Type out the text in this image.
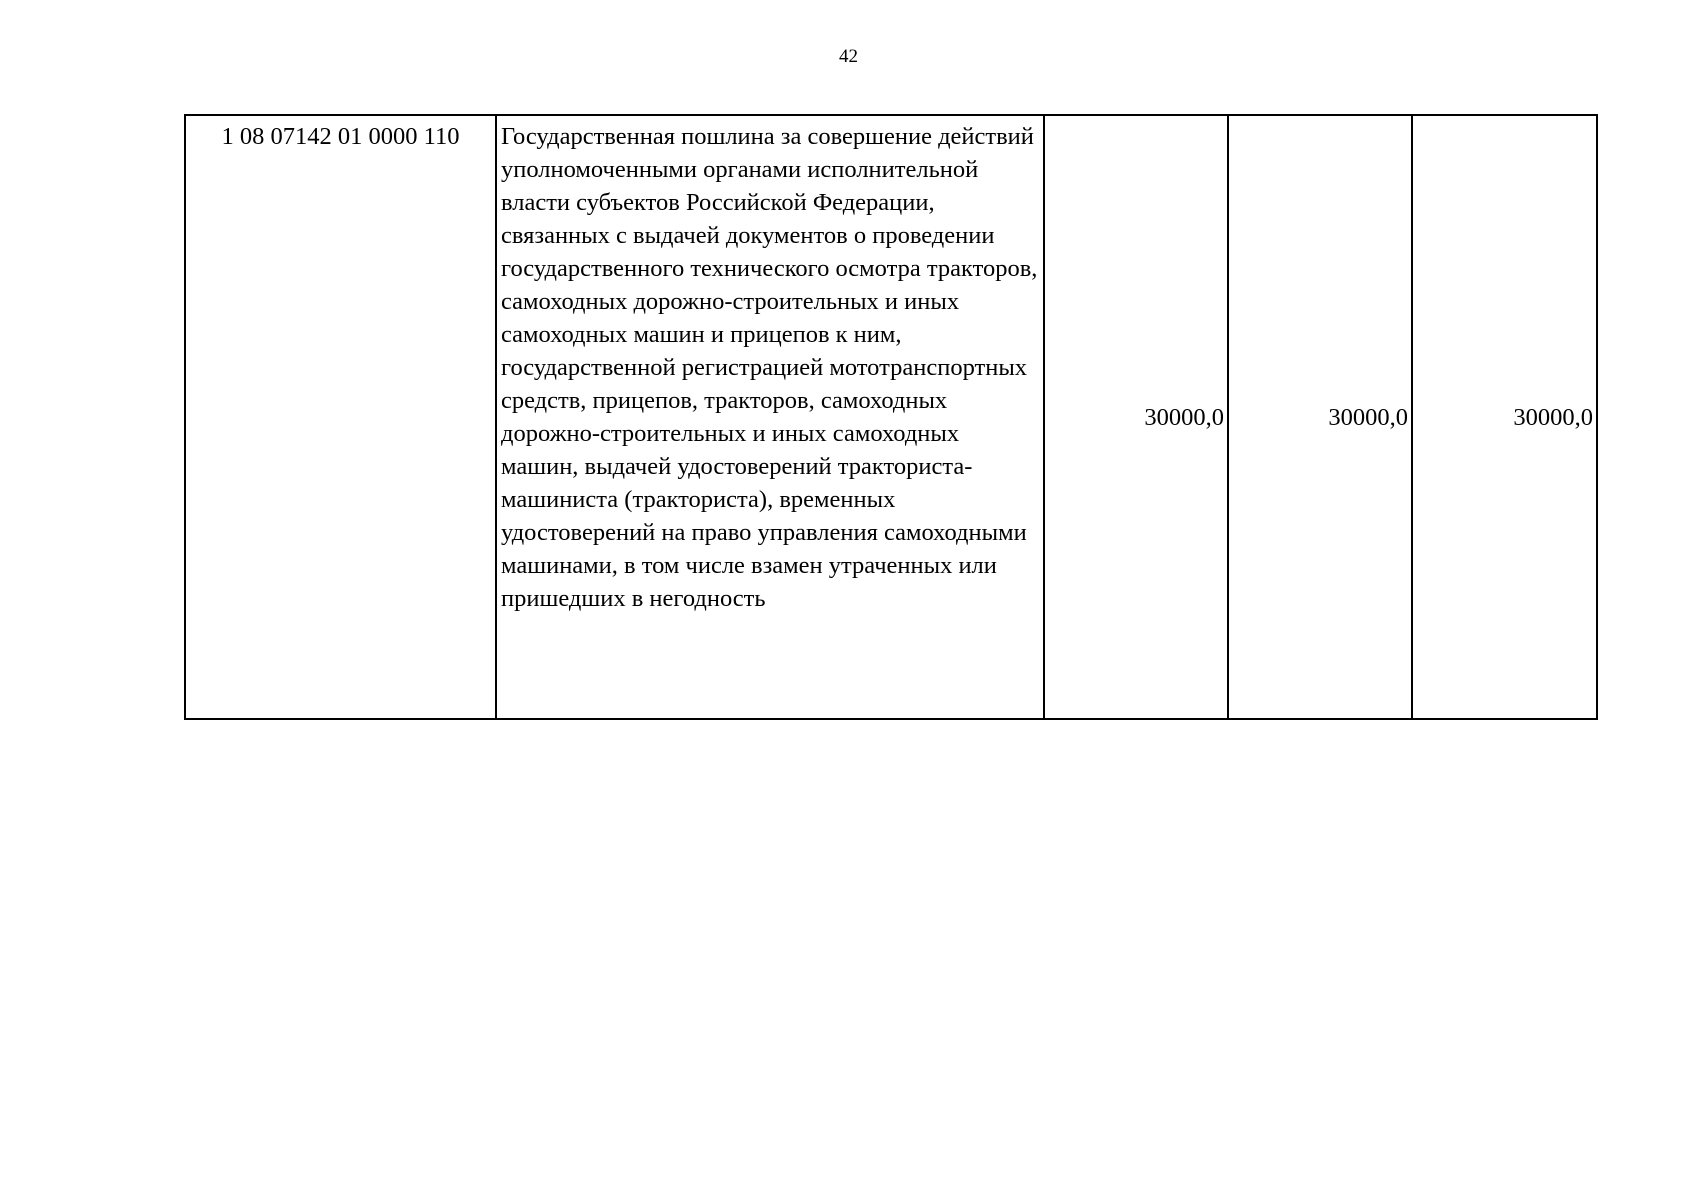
42
1 08 07142 01 0000 110	Государственная пошлина за совершение действий уполномоченными органами исполнительной власти субъектов Российской Федерации, связанных с выдачей документов о проведении государственного технического осмотра тракторов, самоходных дорожно-строительных и иных самоходных машин и прицепов к ним, государственной регистрацией мототранспортных средств, прицепов, тракторов, самоходных дорожно-строительных и иных самоходных машин, выдачей удостоверений тракториста-машиниста (тракториста), временных удостоверений на право управления самоходными машинами, в том числе взамен утраченных или пришедших в негодность	30000,0	30000,0	30000,0
